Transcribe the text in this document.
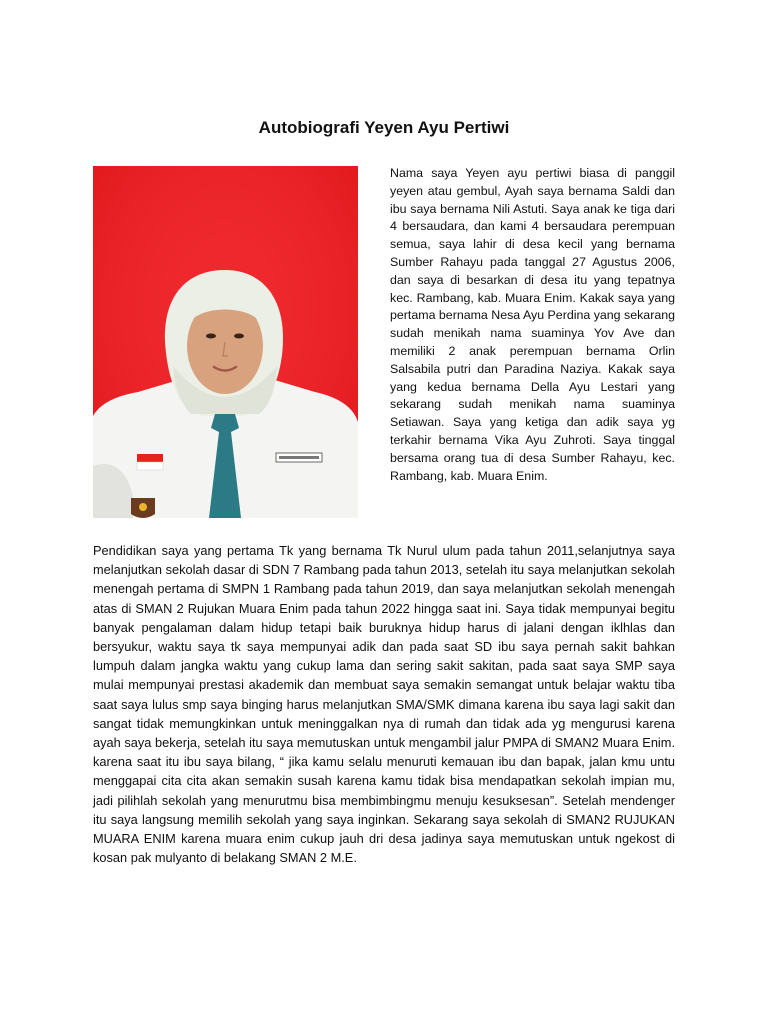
Autobiografi Yeyen Ayu Pertiwi

Nama saya Yeyen ayu pertiwi biasa di panggil yeyen atau gembul, Ayah saya bernama Saldi dan ibu saya bernama Nili Astuti. Saya anak ke tiga dari 4 bersaudara, dan kami 4 bersaudara perempuan semua, saya lahir di desa kecil yang bernama Sumber Rahayu pada tanggal 27 Agustus 2006, dan saya di besarkan di desa itu yang tepatnya kec. Rambang, kab. Muara Enim. Kakak saya yang pertama bernama Nesa Ayu Perdina yang sekarang sudah menikah nama suaminya Yov Ave dan memiliki 2 anak perempuan bernama Orlin Salsabila putri dan Paradina Naziya. Kakak saya yang kedua bernama Della Ayu Lestari yang sekarang sudah menikah nama suaminya Setiawan. Saya yang ketiga dan adik saya yg terkahir bernama Vika Ayu Zuhroti. Saya tinggal bersama orang tua di desa Sumber Rahayu, kec. Rambang, kab. Muara Enim.

Pendidikan saya yang pertama Tk yang bernama Tk Nurul ulum pada tahun 2011,selanjutnya saya melanjutkan sekolah dasar di SDN 7 Rambang pada tahun 2013, setelah itu saya melanjutkan sekolah menengah pertama di SMPN 1 Rambang pada tahun 2019, dan saya melanjutkan sekolah menengah atas di SMAN 2 Rujukan Muara Enim pada tahun 2022 hingga saat ini. Saya tidak mempunyai begitu banyak pengalaman dalam hidup tetapi baik buruknya hidup harus di jalani dengan iklhlas dan bersyukur, waktu saya tk saya mempunyai adik dan pada saat SD ibu saya pernah sakit bahkan lumpuh dalam jangka waktu yang cukup lama dan sering sakit sakitan, pada saat saya SMP saya mulai mempunyai prestasi akademik dan membuat saya semakin semangat untuk belajar waktu tiba saat saya lulus smp saya binging harus melanjutkan SMA/SMK dimana karena ibu saya lagi sakit dan sangat tidak memungkinkan untuk meninggalkan nya di rumah dan tidak ada yg mengurusi karena ayah saya bekerja, setelah itu saya memutuskan untuk mengambil jalur PMPA di SMAN2 Muara Enim. karena saat itu ibu saya bilang, “ jika kamu selalu menuruti kemauan ibu dan bapak, jalan kmu untu menggapai cita cita akan semakin susah karena kamu tidak bisa mendapatkan sekolah impian mu, jadi pilihlah sekolah yang menurutmu bisa membimbingmu menuju kesuksesan”. Setelah mendenger itu saya langsung memilih sekolah yang saya inginkan. Sekarang saya sekolah di SMAN2 RUJUKAN MUARA ENIM karena muara enim cukup jauh dri desa jadinya saya memutuskan untuk ngekost di kosan pak mulyanto di belakang SMAN 2 M.E.
